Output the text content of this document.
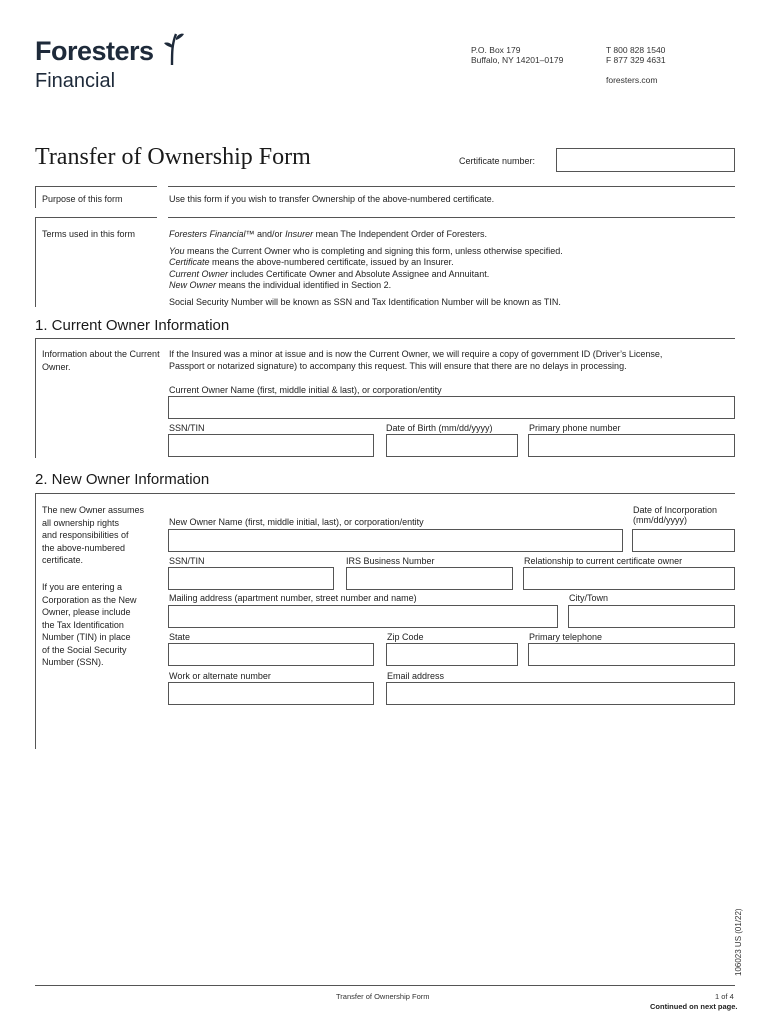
Foresters
Financial
P.O. Box 179
Buffalo, NY 14201–0179
T 800 828 1540
F 877 329 4631
foresters.com
Transfer of Ownership Form	Certificate number:
Purpose of this form	Use this form if you wish to transfer Ownership of the above-numbered certificate.
Terms used in this form	Foresters Financial™ and/or Insurer mean The Independent Order of Foresters.
You means the Current Owner who is completing and signing this form, unless otherwise specified.
Certificate means the above-numbered certificate, issued by an Insurer.
Current Owner includes Certificate Owner and Absolute Assignee and Annuitant.
New Owner means the individual identified in Section 2.
Social Security Number will be known as SSN and Tax Identification Number will be known as TIN.
1. Current Owner Information
Information about the Current Owner.
If the Insured was a minor at issue and is now the Current Owner, we will require a copy of government ID (Driver’s License,
Passport or notarized signature) to accompany this request. This will ensure that there are no delays in processing.
Current Owner Name (first, middle initial & last), or corporation/entity
SSN/TIN	Date of Birth (mm/dd/yyyy)	Primary phone number
2. New Owner Information
The new Owner assumes
all ownership rights
and responsibilities of
the above-numbered
certificate.
If you are entering a
Corporation as the New
Owner, please include
the Tax Identification
Number (TIN) in place
of the Social Security
Number (SSN).
New Owner Name (first, middle initial, last), or corporation/entity
Date of Incorporation
(mm/dd/yyyy)
SSN/TIN	IRS Business Number	Relationship to current certificate owner
Mailing address (apartment number, street number and name)	City/Town
State	Zip Code	Primary telephone
Work or alternate number	Email address
106023 US (01/22)
Transfer of Ownership Form	1 of 4
Continued on next page.
